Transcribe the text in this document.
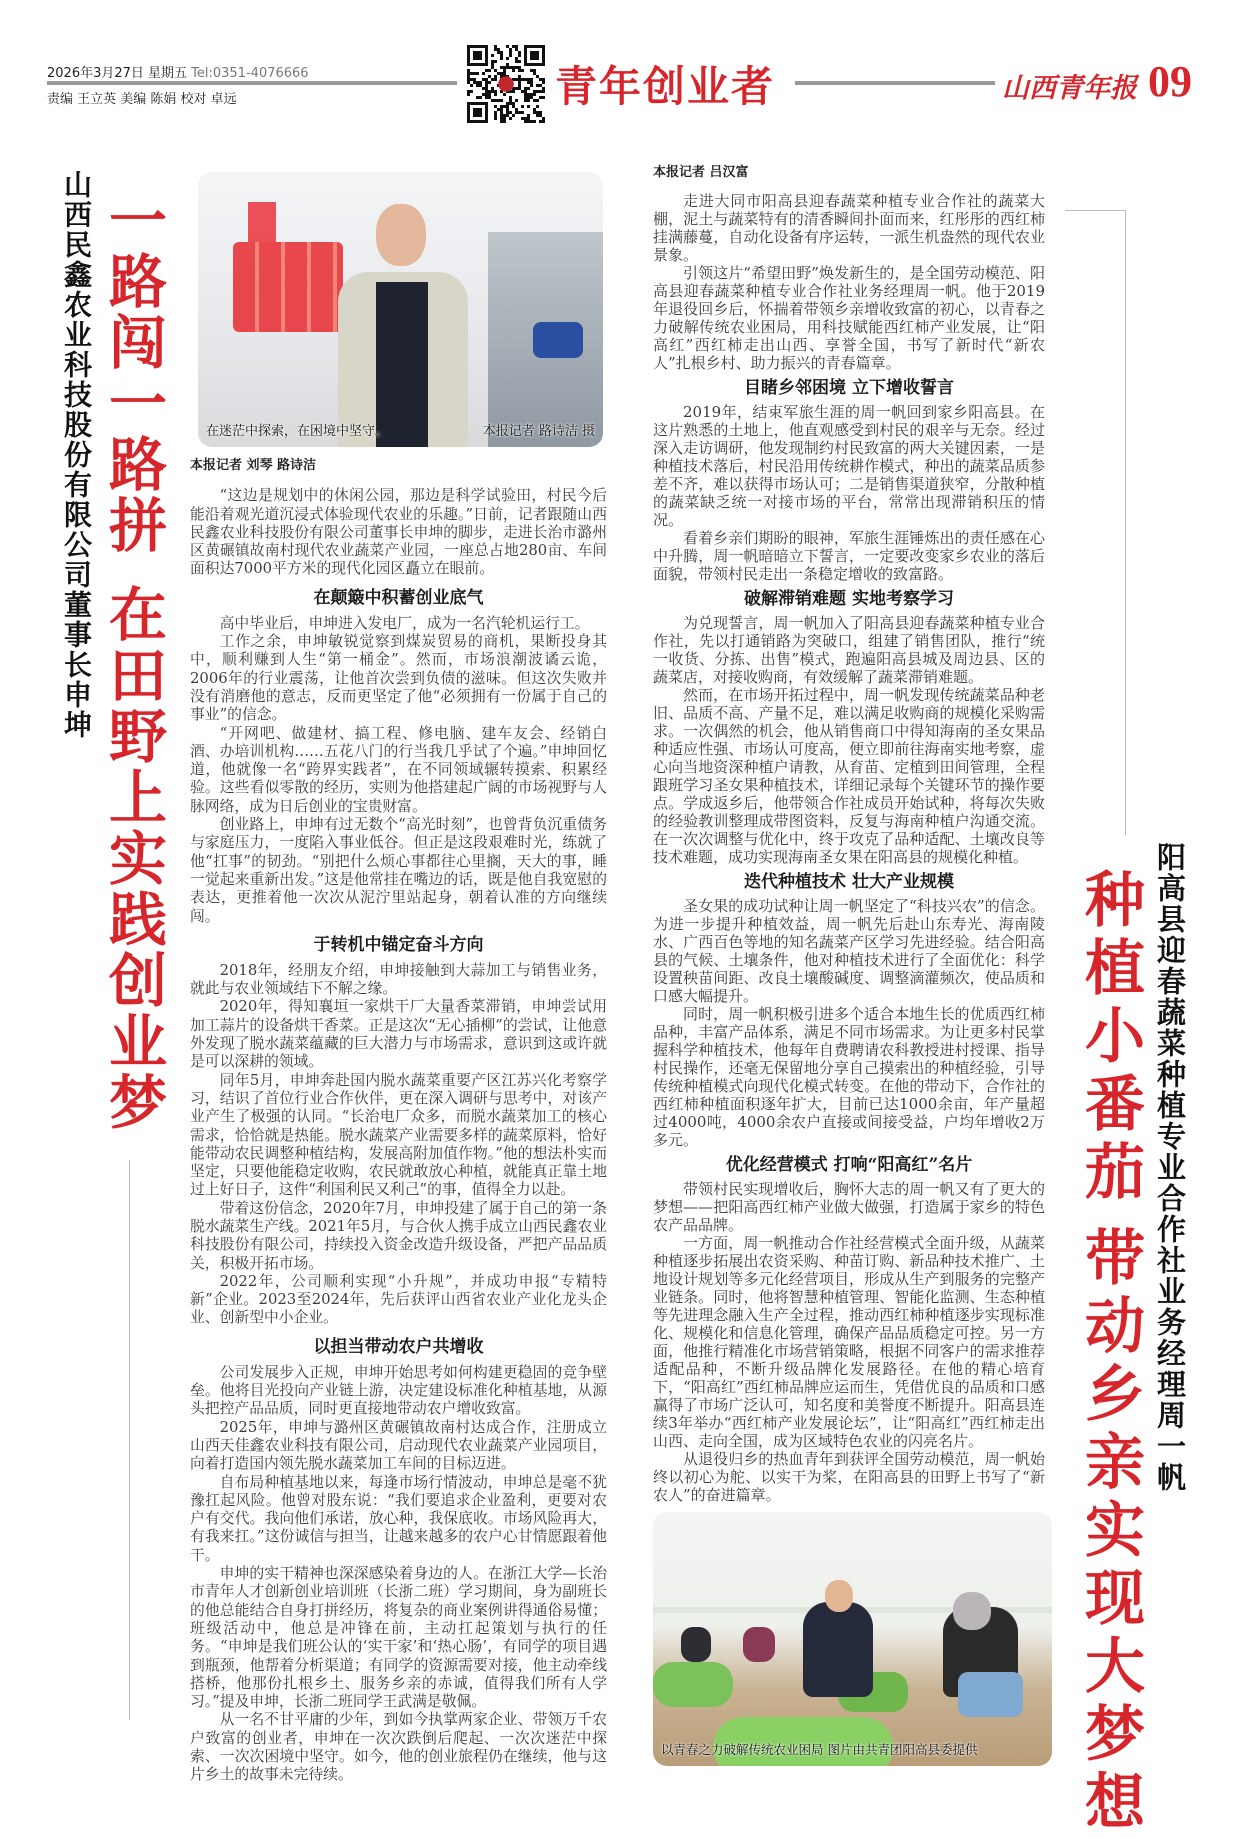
2026年3月27日 星期五 Tel:0351-4076666
责编 王立英 美编 陈娟 校对 卓远	青年创业者	山西青年报 09
山西民鑫农业科技股份有限公司董事长申坤 一路闯一路拼在田野上实践创业梦
在迷茫中探索，在困境中坚守。	本报记者 路诗洁 摄
本报记者 刘琴 路诗洁

“这边是规划中的休闲公园，那边是科学试验田，村民今后能沿着观光道沉浸式体验现代农业的乐趣。”日前，记者跟随山西民鑫农业科技股份有限公司董事长申坤的脚步，走进长治市潞州区黄碾镇故南村现代农业蔬菜产业园，一座总占地280亩、车间面积达7000平方米的现代化园区矗立在眼前。

在颠簸中积蓄创业底气

高中毕业后，申坤进入发电厂，成为一名汽轮机运行工。

工作之余，申坤敏锐觉察到煤炭贸易的商机，果断投身其中，顺利赚到人生“第一桶金”。然而，市场浪潮波谲云诡，2006年的行业震荡，让他首次尝到负债的滋味。但这次失败并没有消磨他的意志，反而更坚定了他“必须拥有一份属于自己的事业”的信念。

“开网吧、做建材、搞工程、修电脑、建车友会、经销白酒、办培训机构……五花八门的行当我几乎试了个遍。”申坤回忆道，他就像一名“跨界实践者”，在不同领域辗转摸索、积累经验。这些看似零散的经历，实则为他搭建起广阔的市场视野与人脉网络，成为日后创业的宝贵财富。

创业路上，申坤有过无数个“高光时刻”，也曾背负沉重债务与家庭压力，一度陷入事业低谷。但正是这段艰难时光，练就了他“扛事”的韧劲。“别把什么烦心事都往心里搁，天大的事，睡一觉起来重新出发。”这是他常挂在嘴边的话，既是他自我宽慰的表达，更推着他一次次从泥泞里站起身，朝着认准的方向继续闯。

于转机中锚定奋斗方向

2018年，经朋友介绍，申坤接触到大蒜加工与销售业务，就此与农业领域结下不解之缘。

2020年，得知襄垣一家烘干厂大量香菜滞销，申坤尝试用加工蒜片的设备烘干香菜。正是这次“无心插柳”的尝试，让他意外发现了脱水蔬菜蕴藏的巨大潜力与市场需求，意识到这或许就是可以深耕的领域。

同年5月，申坤奔赴国内脱水蔬菜重要产区江苏兴化考察学习，结识了首位行业合作伙伴，更在深入调研与思考中，对该产业产生了极强的认同。“长治电厂众多，而脱水蔬菜加工的核心需求，恰恰就是热能。脱水蔬菜产业需要多样的蔬菜原料，恰好能带动农民调整种植结构，发展高附加值作物。”他的想法朴实而坚定，只要他能稳定收购，农民就敢放心种植，就能真正靠土地过上好日子，这件“利国利民又利己”的事，值得全力以赴。

带着这份信念，2020年7月，申坤投建了属于自己的第一条脱水蔬菜生产线。2021年5月，与合伙人携手成立山西民鑫农业科技股份有限公司，持续投入资金改造升级设备，严把产品品质关，积极开拓市场。

2022年，公司顺利实现“小升规”，并成功申报“专精特新”企业。2023至2024年，先后获评山西省农业产业化龙头企业、创新型中小企业。

以担当带动农户共增收

公司发展步入正规，申坤开始思考如何构建更稳固的竞争壁垒。他将目光投向产业链上游，决定建设标准化种植基地，从源头把控产品品质，同时更直接地带动农户增收致富。

2025年，申坤与潞州区黄碾镇故南村达成合作，注册成立山西天佳鑫农业科技有限公司，启动现代农业蔬菜产业园项目，向着打造国内领先脱水蔬菜加工车间的目标迈进。

自布局种植基地以来，每逢市场行情波动，申坤总是毫不犹豫扛起风险。他曾对股东说：“我们要追求企业盈利，更要对农户有交代。我向他们承诺，放心种，我保底收。市场风险再大，有我来扛。”这份诚信与担当，让越来越多的农户心甘情愿跟着他干。

申坤的实干精神也深深感染着身边的人。在浙江大学—长治市青年人才创新创业培训班（长浙二班）学习期间，身为副班长的他总能结合自身打拼经历，将复杂的商业案例讲得通俗易懂；班级活动中，他总是冲锋在前，主动扛起策划与执行的任务。“申坤是我们班公认的‘实干家’和‘热心肠’，有同学的项目遇到瓶颈，他帮着分析渠道；有同学的资源需要对接，他主动牵线搭桥，他那份扎根乡土、服务乡亲的赤诚，值得我们所有人学习。”提及申坤，长浙二班同学王武满是敬佩。

从一名不甘平庸的少年，到如今执掌两家企业、带领万千农户致富的创业者，申坤在一次次跌倒后爬起、一次次迷茫中探索、一次次困境中坚守。如今，他的创业旅程仍在继续，他与这片乡土的故事未完待续。

本报记者 吕汉富

走进大同市阳高县迎春蔬菜种植专业合作社的蔬菜大棚，泥土与蔬菜特有的清香瞬间扑面而来，红彤彤的西红柿挂满藤蔓，自动化设备有序运转，一派生机盎然的现代农业景象。

引领这片“希望田野”焕发新生的，是全国劳动模范、阳高县迎春蔬菜种植专业合作社业务经理周一帆。他于2019年退役回乡后，怀揣着带领乡亲增收致富的初心，以青春之力破解传统农业困局，用科技赋能西红柿产业发展，让“阳高红”西红柿走出山西、享誉全国，书写了新时代“新农人”扎根乡村、助力振兴的青春篇章。

目睹乡邻困境 立下增收誓言

2019年，结束军旅生涯的周一帆回到家乡阳高县。在这片熟悉的土地上，他直观感受到村民的艰辛与无奈。经过深入走访调研，他发现制约村民致富的两大关键因素，一是种植技术落后，村民沿用传统耕作模式，种出的蔬菜品质参差不齐，难以获得市场认可；二是销售渠道狭窄，分散种植的蔬菜缺乏统一对接市场的平台，常常出现滞销积压的情况。

看着乡亲们期盼的眼神，军旅生涯锤炼出的责任感在心中升腾，周一帆暗暗立下誓言，一定要改变家乡农业的落后面貌，带领村民走出一条稳定增收的致富路。

破解滞销难题 实地考察学习

为兑现誓言，周一帆加入了阳高县迎春蔬菜种植专业合作社，先以打通销路为突破口，组建了销售团队，推行“统一收货、分拣、出售”模式，跑遍阳高县城及周边县、区的蔬菜店，对接收购商，有效缓解了蔬菜滞销难题。

然而，在市场开拓过程中，周一帆发现传统蔬菜品种老旧、品质不高、产量不足，难以满足收购商的规模化采购需求。一次偶然的机会，他从销售商口中得知海南的圣女果品种适应性强、市场认可度高，便立即前往海南实地考察，虚心向当地资深种植户请教，从育苗、定植到田间管理，全程跟班学习圣女果种植技术，详细记录每个关键环节的操作要点。学成返乡后，他带领合作社成员开始试种，将每次失败的经验教训整理成带图资料，反复与海南种植户沟通交流。在一次次调整与优化中，终于攻克了品种适配、土壤改良等技术难题，成功实现海南圣女果在阳高县的规模化种植。

迭代种植技术 壮大产业规模

圣女果的成功试种让周一帆坚定了“科技兴农”的信念。为进一步提升种植效益，周一帆先后赴山东寿光、海南陵水、广西百色等地的知名蔬菜产区学习先进经验。结合阳高县的气候、土壤条件，他对种植技术进行了全面优化：科学设置秧苗间距、改良土壤酸碱度、调整滴灌频次，使品质和口感大幅提升。

同时，周一帆积极引进多个适合本地生长的优质西红柿品种，丰富产品体系，满足不同市场需求。为让更多村民掌握科学种植技术，他每年自费聘请农科教授进村授课、指导村民操作，还毫无保留地分享自己摸索出的种植经验，引导传统种植模式向现代化模式转变。在他的带动下，合作社的西红柿种植面积逐年扩大，目前已达1000余亩，年产量超过4000吨，4000余农户直接或间接受益，户均年增收2万多元。

优化经营模式 打响“阳高红”名片

带领村民实现增收后，胸怀大志的周一帆又有了更大的梦想——把阳高西红柿产业做大做强，打造属于家乡的特色农产品品牌。

一方面，周一帆推动合作社经营模式全面升级，从蔬菜种植逐步拓展出农资采购、种苗订购、新品种技术推广、土地设计规划等多元化经营项目，形成从生产到服务的完整产业链条。同时，他将智慧种植管理、智能化监测、生态种植等先进理念融入生产全过程，推动西红柿种植逐步实现标准化、规模化和信息化管理，确保产品品质稳定可控。另一方面，他推行精准化市场营销策略，根据不同客户的需求推荐适配品种，不断升级品牌化发展路径。在他的精心培育下，“阳高红”西红柿品牌应运而生，凭借优良的品质和口感赢得了市场广泛认可，知名度和美誉度不断提升。阳高县连续3年举办“西红柿产业发展论坛”，让“阳高红”西红柿走出山西、走向全国，成为区域特色农业的闪亮名片。

从退役归乡的热血青年到获评全国劳动模范，周一帆始终以初心为舵、以实干为桨，在阳高县的田野上书写了“新农人”的奋进篇章。

种植小番茄带动乡亲实现大梦想
阳高县迎春蔬菜种植专业合作社业务经理周一帆
以青春之力破解传统农业困局 图片由共青团阳高县委提供
